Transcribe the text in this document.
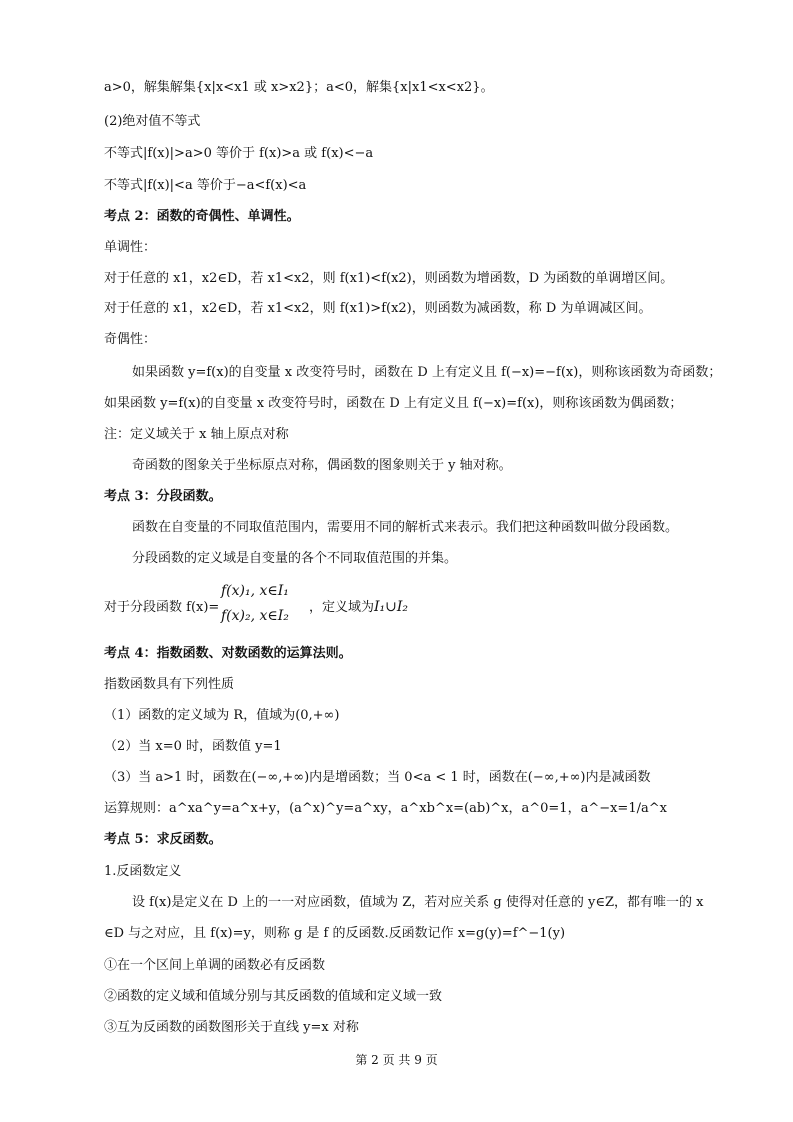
a>0，解集解集{x|x<x1 或 x>x2}；a<0，解集{x|x1<x<x2}。
(2)绝对值不等式
不等式|f(x)|>a>0 等价于 f(x)>a 或 f(x)<−a
不等式|f(x)|<a 等价于−a<f(x)<a
考点 2：函数的奇偶性、单调性。
单调性：
对于任意的 x1，x2∈D，若 x1<x2，则 f(x1)<f(x2)，则函数为增函数，D 为函数的单调增区间。
对于任意的 x1，x2∈D，若 x1<x2，则 f(x1)>f(x2)，则函数为减函数，称 D 为单调减区间。
奇偶性：
如果函数 y=f(x)的自变量 x 改变符号时，函数在 D 上有定义且 f(−x)=−f(x)，则称该函数为奇函数；
如果函数 y=f(x)的自变量 x 改变符号时，函数在 D 上有定义且 f(−x)=f(x)，则称该函数为偶函数；
注：定义域关于 x 轴上原点对称
奇函数的图象关于坐标原点对称，偶函数的图象则关于 y 轴对称。
考点 3：分段函数。
函数在自变量的不同取值范围内，需要用不同的解析式来表示。我们把这种函数叫做分段函数。
分段函数的定义域是自变量的各个不同取值范围的并集。
对于分段函数 f(x)=
f(x)₁, x∈I₁
f(x)₂, x∈I₂
，定义域为I₁∪I₂
考点 4：指数函数、对数函数的运算法则。
指数函数具有下列性质
（1）函数的定义域为 R，值域为(0,+∞)
（2）当 x=0 时，函数值 y=1
（3）当 a>1 时，函数在(−∞,+∞)内是增函数；当 0<a < 1 时，函数在(−∞,+∞)内是减函数
运算规则：a^xa^y=a^x+y，(a^x)^y=a^xy，a^xb^x=(ab)^x，a^0=1，a^−x=1/a^x
考点 5：求反函数。
1.反函数定义
设 f(x)是定义在 D 上的一一对应函数，值域为 Z，若对应关系 g 使得对任意的 y∈Z，都有唯一的 x
∈D 与之对应，且 f(x)=y，则称 g 是 f 的反函数.反函数记作 x=g(y)=f^−1(y)
①在一个区间上单调的函数必有反函数
②函数的定义域和值域分别与其反函数的值域和定义域一致
③互为反函数的函数图形关于直线 y=x 对称
第 2 页 共 9 页
